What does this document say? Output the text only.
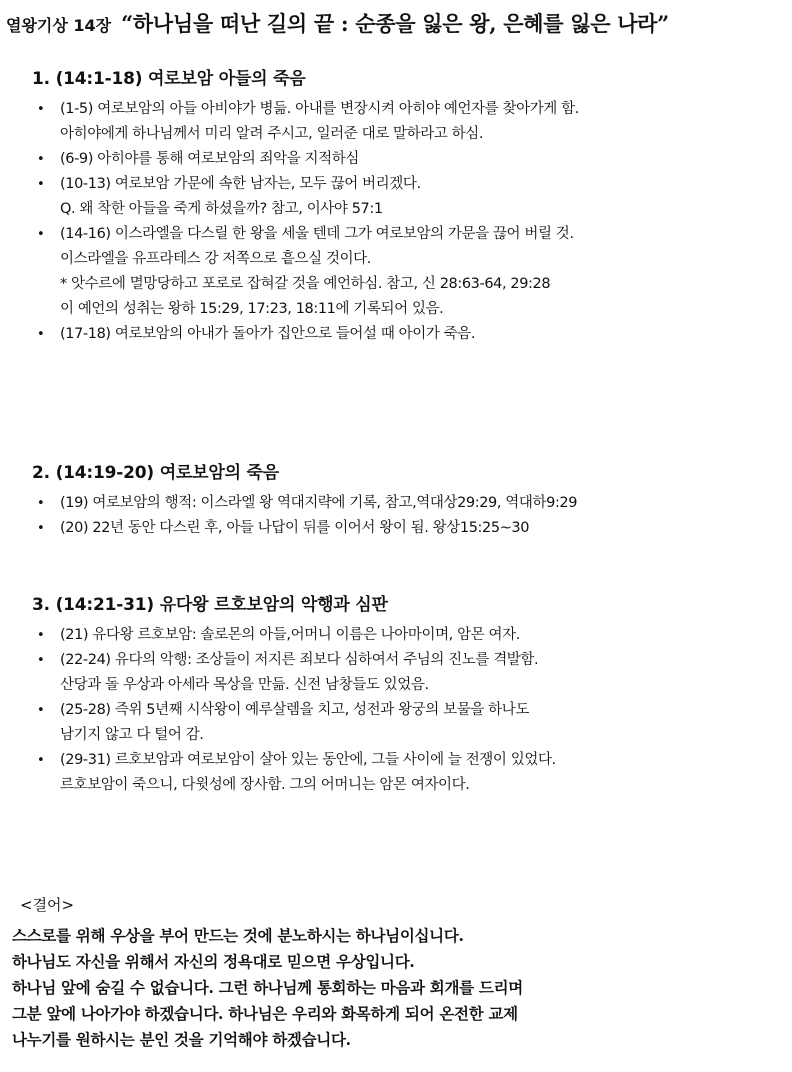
열왕기상 14장 “하나님을 떠난 길의 끝 : 순종을 잃은 왕, 은혜를 잃은 나라”
1. (14:1-18) 여로보암 아들의 죽음
• (1-5) 여로보암의 아들 아비야가 병듦. 아내를 변장시켜 아히야 예언자를 찾아가게 함.
아히야에게 하나님께서 미리 알려 주시고, 일러준 대로 말하라고 하심.
• (6-9) 아히야를 통해 여로보암의 죄악을 지적하심
• (10-13) 여로보암 가문에 속한 남자는, 모두 끊어 버리겠다.
Q. 왜 착한 아들을 죽게 하셨을까? 참고, 이사야 57:1
• (14-16) 이스라엘을 다스릴 한 왕을 세울 텐데 그가 여로보암의 가문을 끊어 버릴 것.
이스라엘을 유프라테스 강 저쪽으로 흩으실 것이다.
* 앗수르에 멸망당하고 포로로 잡혀갈 것을 예언하심. 참고, 신 28:63-64, 29:28
이 예언의 성취는 왕하 15:29, 17:23, 18:11에 기록되어 있음.
• (17-18) 여로보암의 아내가 돌아가 집안으로 들어설 때 아이가 죽음.
2. (14:19-20) 여로보암의 죽음
• (19) 여로보암의 행적: 이스라엘 왕 역대지략에 기록, 참고,역대상29:29, 역대하9:29
• (20) 22년 동안 다스린 후, 아들 나답이 뒤를 이어서 왕이 됨. 왕상15:25~30
3. (14:21-31) 유다왕 르호보암의 악행과 심판
• (21) 유다왕 르호보암: 솔로몬의 아들,어머니 이름은 나아마이며, 암몬 여자.
• (22-24) 유다의 악행: 조상들이 저지른 죄보다 심하여서 주님의 진노를 격발함.
산당과 돌 우상과 아세라 목상을 만듦. 신전 남창들도 있었음.
• (25-28) 즉위 5년째 시삭왕이 예루살렘을 치고, 성전과 왕궁의 보물을 하나도
남기지 않고 다 털어 감.
• (29-31) 르호보암과 여로보암이 살아 있는 동안에, 그들 사이에 늘 전쟁이 있었다.
르호보암이 죽으니, 다윗성에 장사함. 그의 어머니는 암몬 여자이다.
<결어>
스스로를 위해 우상을 부어 만드는 것에 분노하시는 하나님이십니다.
하나님도 자신을 위해서 자신의 정욕대로 믿으면 우상입니다.
하나님 앞에 숨길 수 없습니다. 그런 하나님께 통회하는 마음과 회개를 드리며
그분 앞에 나아가야 하겠습니다. 하나님은 우리와 화목하게 되어 온전한 교제
나누기를 원하시는 분인 것을 기억해야 하겠습니다.
